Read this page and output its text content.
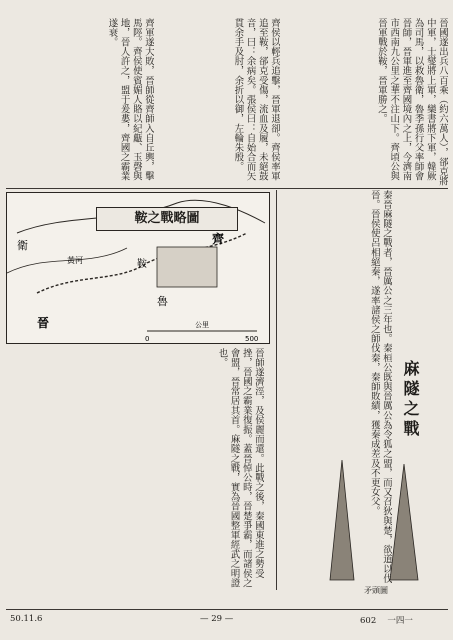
晉國遂出兵八百乘（約六萬人），郤克將中軍，士燮將上軍，欒書將下軍，韓厥為司馬，以救魯衛，魯季孫行父率師會晉師，晉軍進至齊國境內之上，今濟南市西南九公里之華不注山下。齊頃公與晉軍戰於鞍，晉軍勝之。
齊侯以輕兵追擊，晉軍退卻。齊侯率軍追至鞍，郤克受傷，流血及履，未絕鼓音，曰：余病矣。張侯曰：自始合而矢貫余手及肘，余折以御，左輪朱殷。
齊軍遂大敗，晉師從齊師入自丘輿，擊馬陘。齊侯使賓媚人賂以紀甗、玉磬與地，晉人許之，盟于爰婁，齊國之霸業遂衰。
齊
晉
衛
魯
鞍
黃河
0
公里
500
鞍之戰略圖
晉師遂濟涇，及侯麗而還。此戰之後，秦國東進之勢受挫，晉國之霸業復振。蓋晉悼公時，晉楚爭霸，而諸侯之會盟，晉常居其首。麻隧之戰，實為晉國整軍經武之明證也。	秦晉麻隧之戰者，晉厲公之三年也。秦桓公既與晉厲公為令狐之盟，而又召狄與楚，欲道以伐晉。晉侯使呂相絕秦，遂率諸侯之師伐秦，秦師敗績，獲秦成差及不更女父。	麻隧之戰
矛頭圖
50.11.6	— 29 —	602 　一四一
